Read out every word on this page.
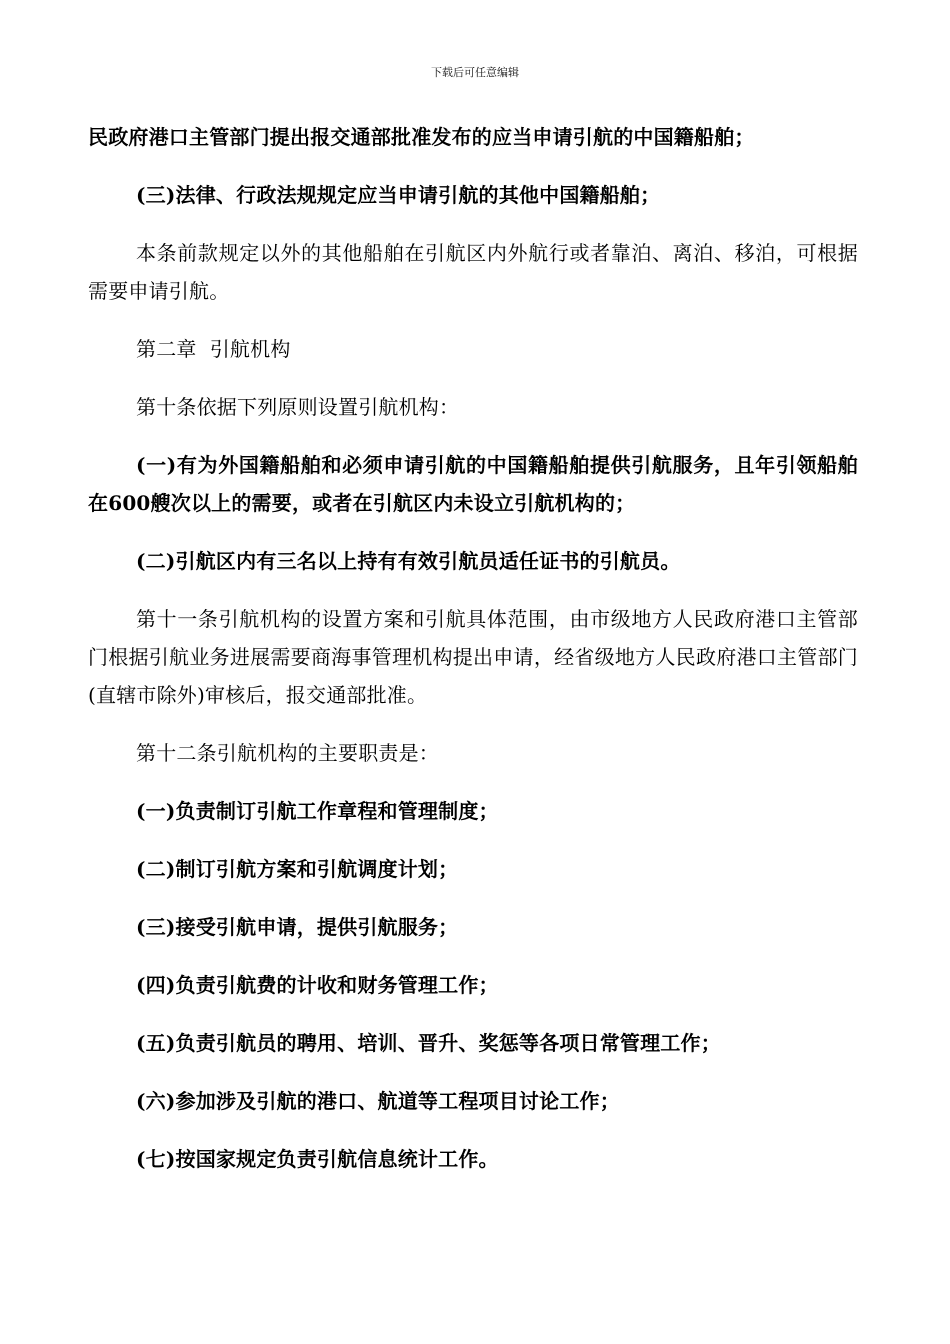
下载后可任意编辑

民政府港口主管部门提出报交通部批准发布的应当申请引航的中国籍船舶；

(三)法律、行政法规规定应当申请引航的其他中国籍船舶；

本条前款规定以外的其他船舶在引航区内外航行或者靠泊、离泊、移泊，可根据需要申请引航。

第二章  引航机构

第十条依据下列原则设置引航机构：

(一)有为外国籍船舶和必须申请引航的中国籍船舶提供引航服务，且年引领船舶在600艘次以上的需要，或者在引航区内未设立引航机构的；

(二)引航区内有三名以上持有有效引航员适任证书的引航员。

第十一条引航机构的设置方案和引航具体范围，由市级地方人民政府港口主管部门根据引航业务进展需要商海事管理机构提出申请，经省级地方人民政府港口主管部门(直辖市除外)审核后，报交通部批准。

第十二条引航机构的主要职责是：

(一)负责制订引航工作章程和管理制度；

(二)制订引航方案和引航调度计划；

(三)接受引航申请，提供引航服务；

(四)负责引航费的计收和财务管理工作；

(五)负责引航员的聘用、培训、晋升、奖惩等各项日常管理工作；

(六)参加涉及引航的港口、航道等工程项目讨论工作；

(七)按国家规定负责引航信息统计工作。
